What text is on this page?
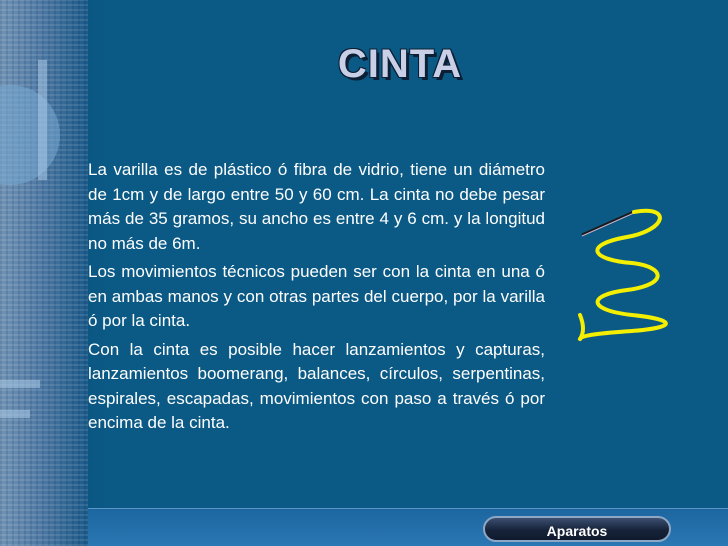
CINTA

La varilla es de plástico ó fibra de vidrio, tiene un diámetro de 1cm y de largo entre 50 y 60 cm. La cinta no debe pesar más de 35 gramos, su ancho es entre 4 y 6 cm. y la longitud no más de 6m.

Los movimientos técnicos pueden ser con la cinta en una ó en ambas manos y con otras partes del cuerpo, por la varilla ó por la cinta.

Con la cinta es posible hacer lanzamientos y capturas, lanzamientos boomerang, balances, círculos, serpentinas, espirales, escapadas, movimientos con paso a través ó por encima de la cinta.

Aparatos
